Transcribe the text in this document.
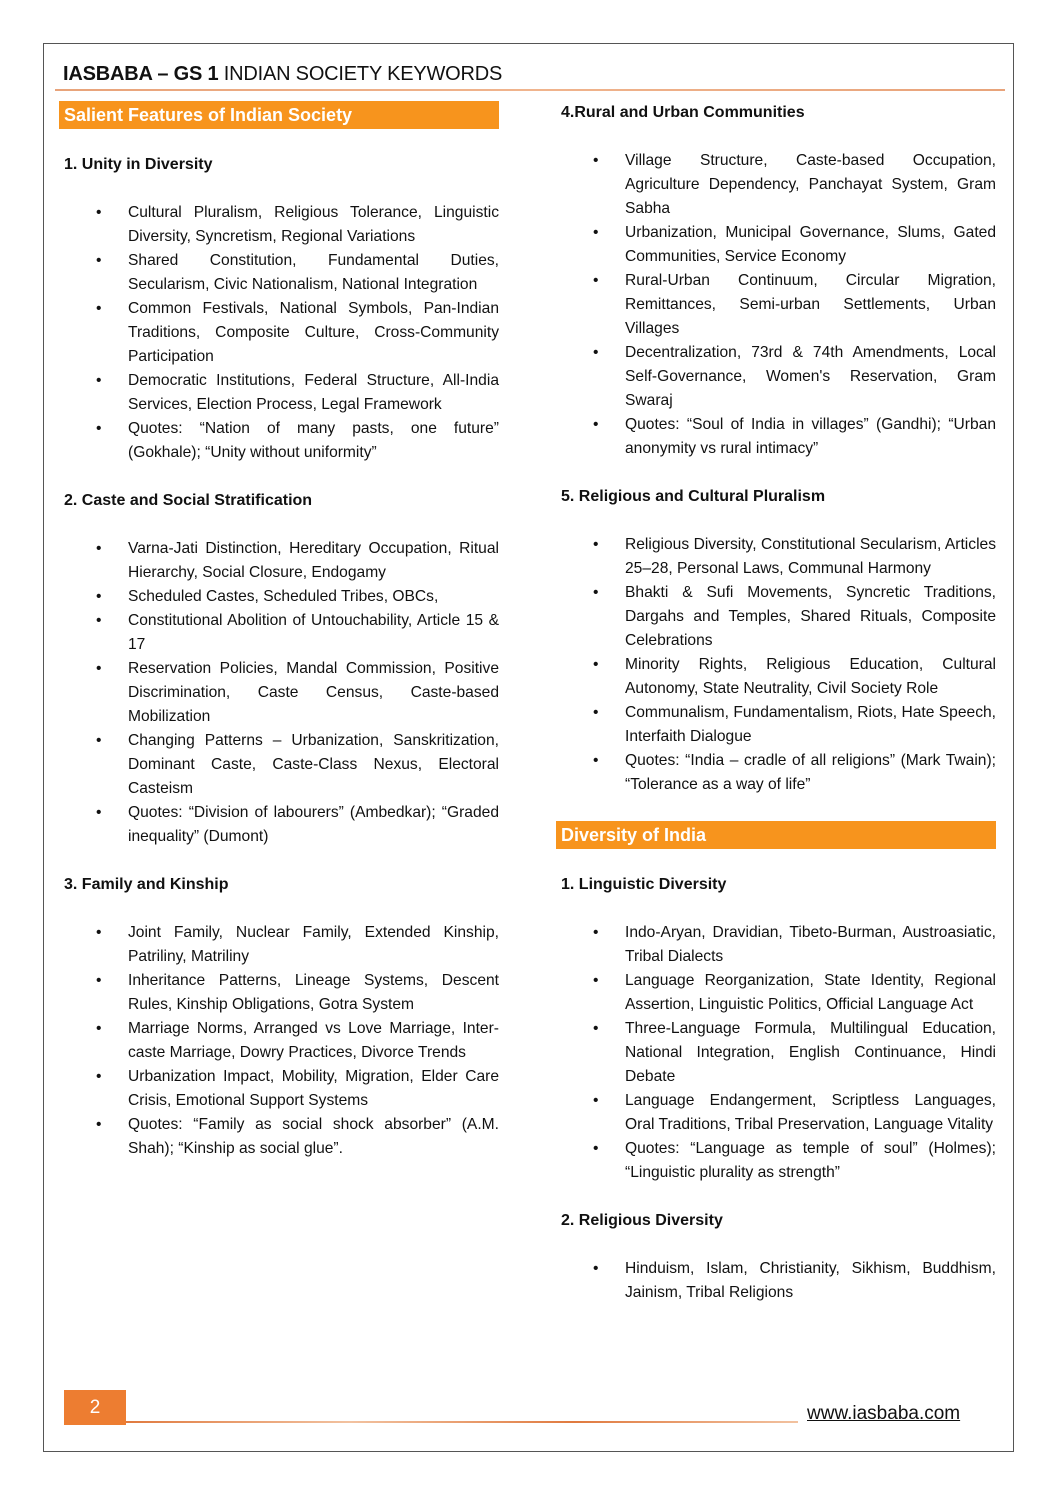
IASBABA – GS 1 INDIAN SOCIETY KEYWORDS
Salient Features of Indian Society
1. Unity in Diversity
• Cultural Pluralism, Religious Tolerance, Linguistic Diversity, Syncretism, Regional Variations
• Shared Constitution, Fundamental Duties, Secularism, Civic Nationalism, National Integration
• Common Festivals, National Symbols, Pan-Indian Traditions, Composite Culture, Cross-Community Participation
• Democratic Institutions, Federal Structure, All-India Services, Election Process, Legal Framework
• Quotes: “Nation of many pasts, one future” (Gokhale); “Unity without uniformity”
2. Caste and Social Stratification
• Varna-Jati Distinction, Hereditary Occupation, Ritual Hierarchy, Social Closure, Endogamy
• Scheduled Castes, Scheduled Tribes, OBCs,
• Constitutional Abolition of Untouchability, Article 15 & 17
• Reservation Policies, Mandal Commission, Positive Discrimination, Caste Census, Caste-based Mobilization
• Changing Patterns – Urbanization, Sanskritization, Dominant Caste, Caste-Class Nexus, Electoral Casteism
• Quotes: “Division of labourers” (Ambedkar); “Graded inequality” (Dumont)
3. Family and Kinship
• Joint Family, Nuclear Family, Extended Kinship, Patriliny, Matriliny
• Inheritance Patterns, Lineage Systems, Descent Rules, Kinship Obligations, Gotra System
• Marriage Norms, Arranged vs Love Marriage, Inter-caste Marriage, Dowry Practices, Divorce Trends
• Urbanization Impact, Mobility, Migration, Elder Care Crisis, Emotional Support Systems
• Quotes: “Family as social shock absorber” (A.M. Shah); “Kinship as social glue”.
4.Rural and Urban Communities
• Village Structure, Caste-based Occupation, Agriculture Dependency, Panchayat System, Gram Sabha
• Urbanization, Municipal Governance, Slums, Gated Communities, Service Economy
• Rural-Urban Continuum, Circular Migration, Remittances, Semi-urban Settlements, Urban Villages
• Decentralization, 73rd & 74th Amendments, Local Self-Governance, Women's Reservation, Gram Swaraj
• Quotes: “Soul of India in villages” (Gandhi); “Urban anonymity vs rural intimacy”
5. Religious and Cultural Pluralism
• Religious Diversity, Constitutional Secularism, Articles 25–28, Personal Laws, Communal Harmony
• Bhakti & Sufi Movements, Syncretic Traditions, Dargahs and Temples, Shared Rituals, Composite Celebrations
• Minority Rights, Religious Education, Cultural Autonomy, State Neutrality, Civil Society Role
• Communalism, Fundamentalism, Riots, Hate Speech, Interfaith Dialogue
• Quotes: “India – cradle of all religions” (Mark Twain); “Tolerance as a way of life”
Diversity of India
1. Linguistic Diversity
• Indo-Aryan, Dravidian, Tibeto-Burman, Austroasiatic, Tribal Dialects
• Language Reorganization, State Identity, Regional Assertion, Linguistic Politics, Official Language Act
• Three-Language Formula, Multilingual Education, National Integration, English Continuance, Hindi Debate
• Language Endangerment, Scriptless Languages, Oral Traditions, Tribal Preservation, Language Vitality
• Quotes: “Language as temple of soul” (Holmes); “Linguistic plurality as strength”
2. Religious Diversity
• Hinduism, Islam, Christianity, Sikhism, Buddhism, Jainism, Tribal Religions
2	www.iasbaba.com
